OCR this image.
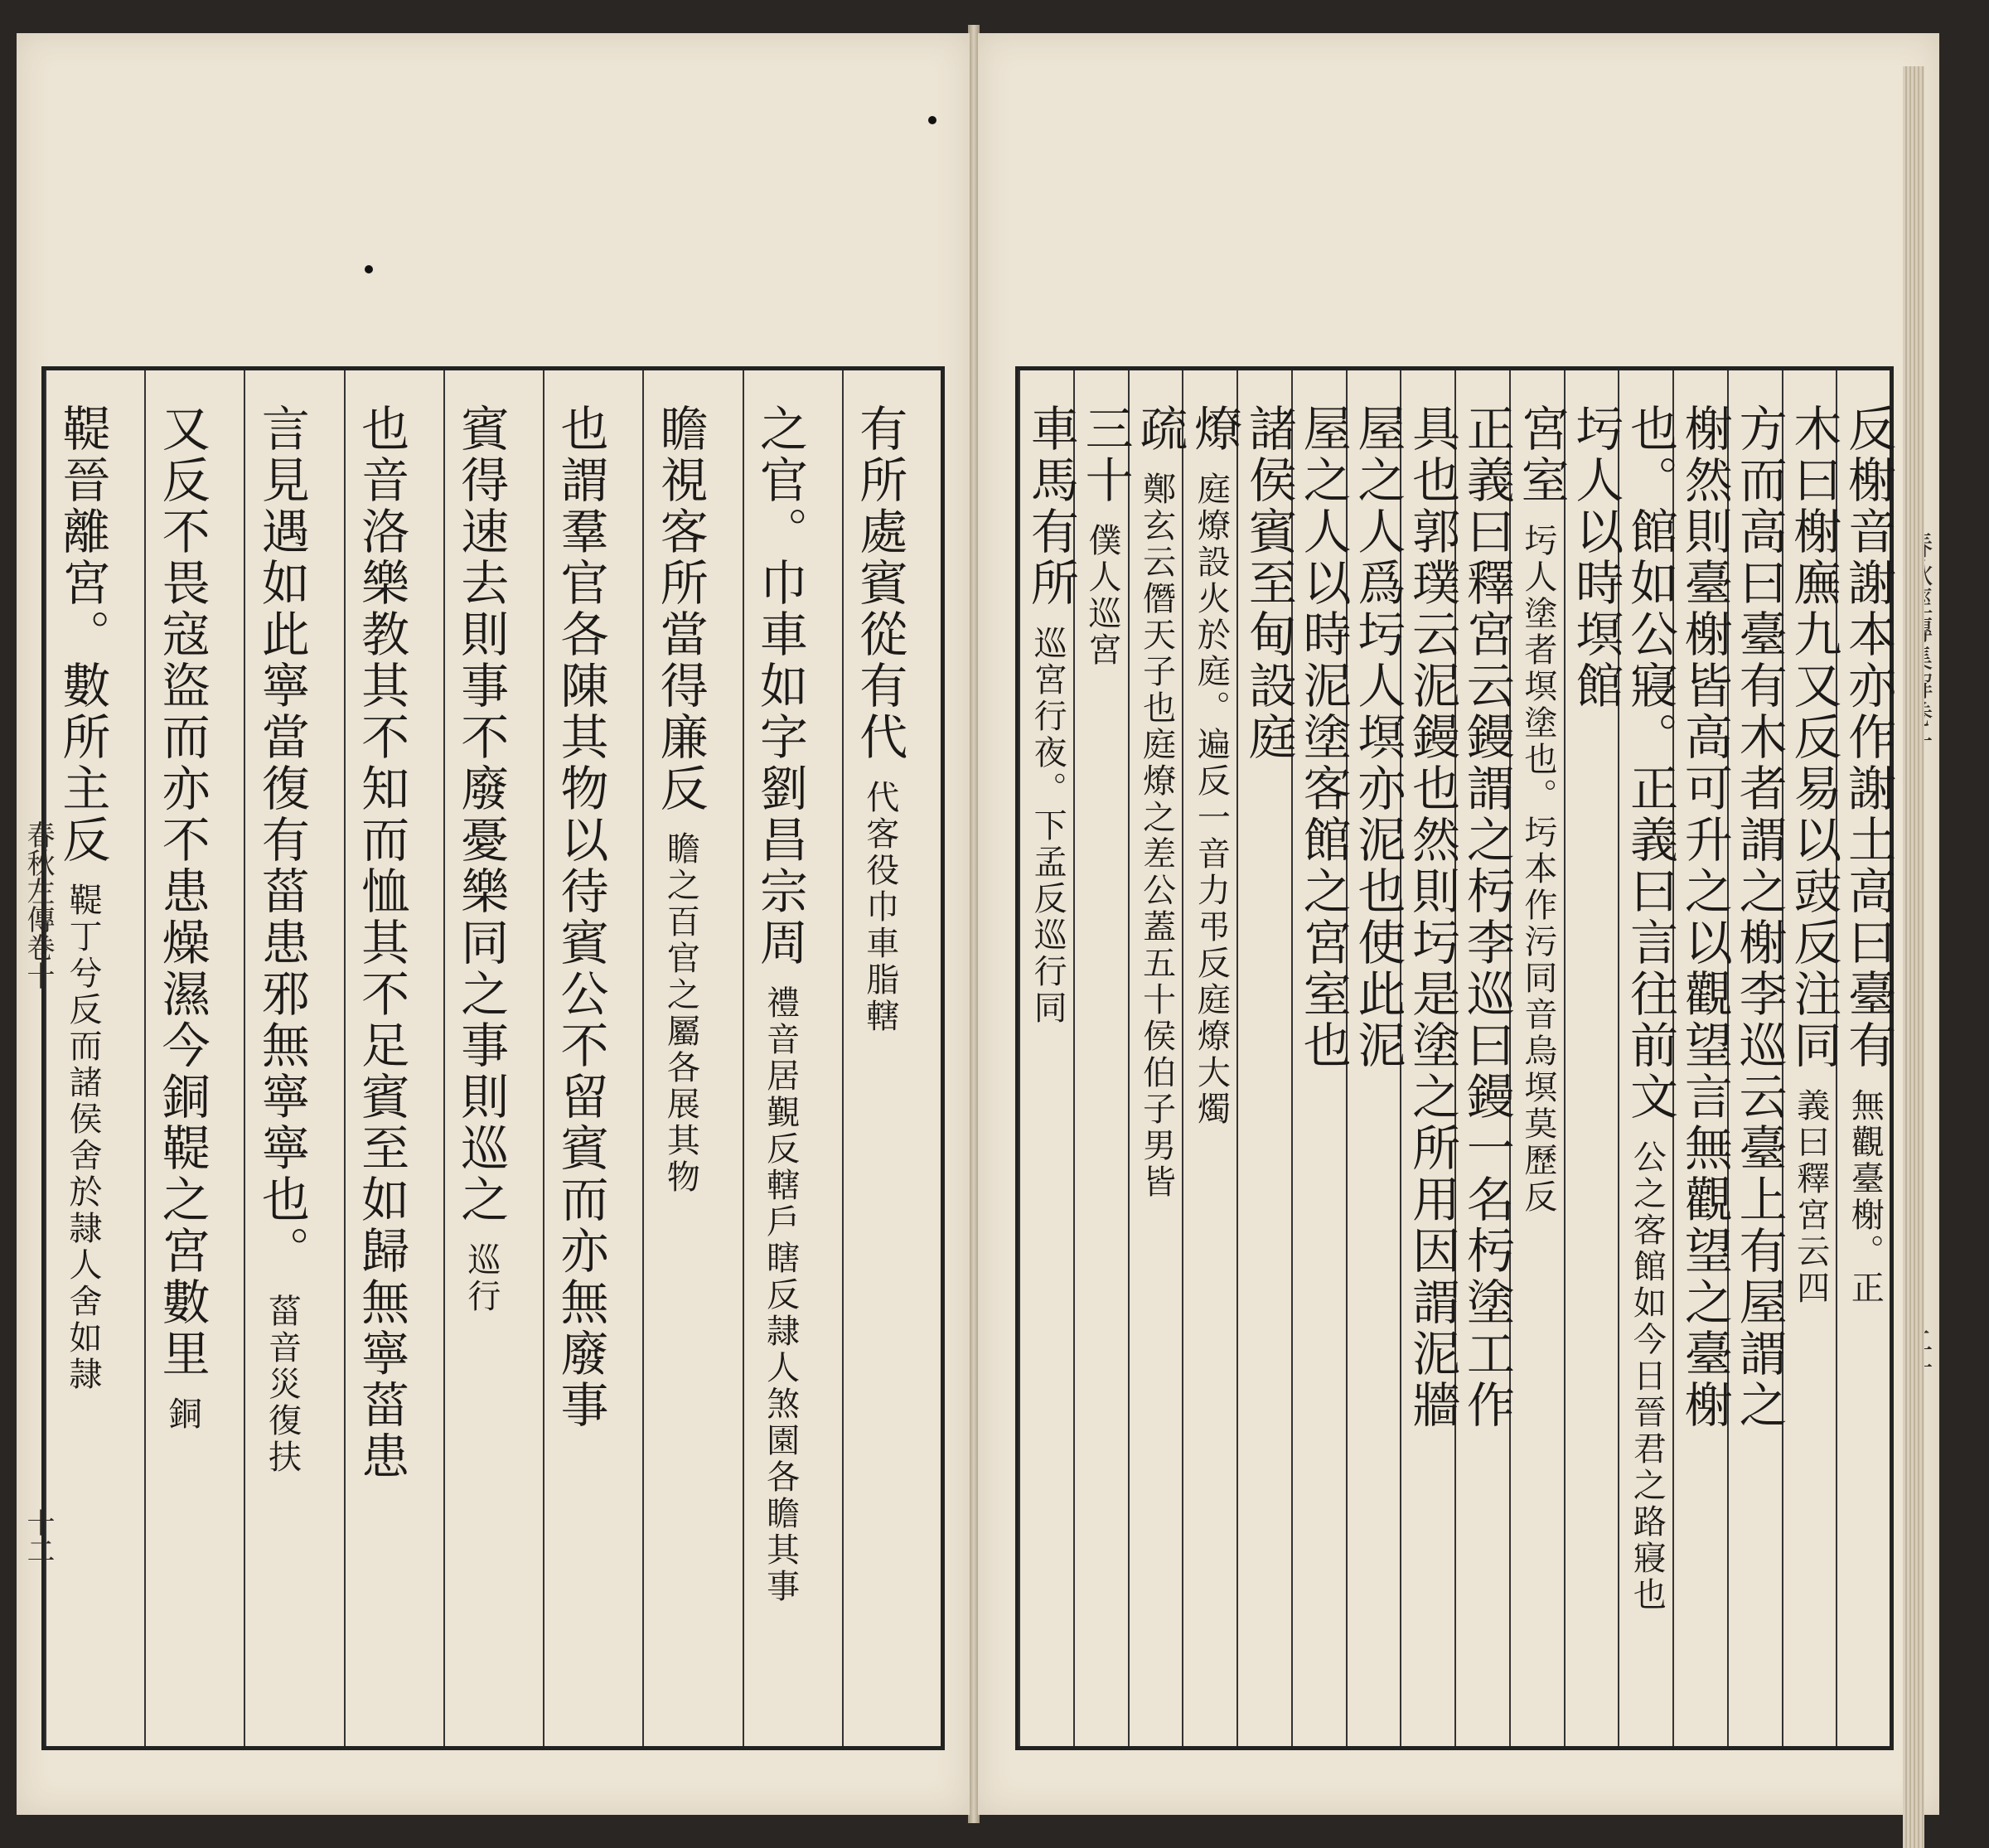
有所處賓從有代
代客役巾車脂轄
之官。巾車如字劉昌宗周
禮音居覲反轄戶瞎反隷人煞園各瞻其事
瞻視客所當得廉反
瞻之百官之屬各展其物
也謂羣官各陳其物以待賓公不留賓而亦無廢事
賓得速去則事不廢憂樂同之事則巡之
巡行
也音洛樂教其不知而恤其不足賓至如歸無寧菑患
言見遇如此寧當復有菑患邪無寧寧也。
菑音災復扶
又反不畏寇盜而亦不患燥濕今銅鞮之宮數里
銅
鞮晉離宮。數所主反
鞮丁兮反而諸侯舍於隷人舍如隷
春秋左傳卷十
十二
反榭音謝本亦作謝土高曰臺有
無觀臺榭。正
木曰榭廡九又反易以豉反注同
義曰釋宮云四
方而高曰臺有木者謂之榭李巡云臺上有屋謂之
榭然則臺榭皆高可升之以觀望言無觀望之臺榭
也。館如公寢。正義曰言往前文
公之客館如今日晉君之路寢也
圬人以時塓館
宮室
圬人塗者塓塗也。圬本作污同音烏塓莫歷反
正義曰釋宮云鏝謂之杇李巡曰鏝一名杇塗工作
具也郭璞云泥鏝也然則圬是塗之所用因謂泥牆
屋之人爲圬人塓亦泥也使此泥
屋之人以時泥塗客館之宮室也
諸侯賓至甸設庭
燎
庭燎設火於庭。遍反一音力弔反庭燎大燭
疏
鄭玄云僭天子也庭燎之差公蓋五十侯伯子男皆
三十
僕人巡宮
車馬有所
巡宮行夜。下孟反巡行同
